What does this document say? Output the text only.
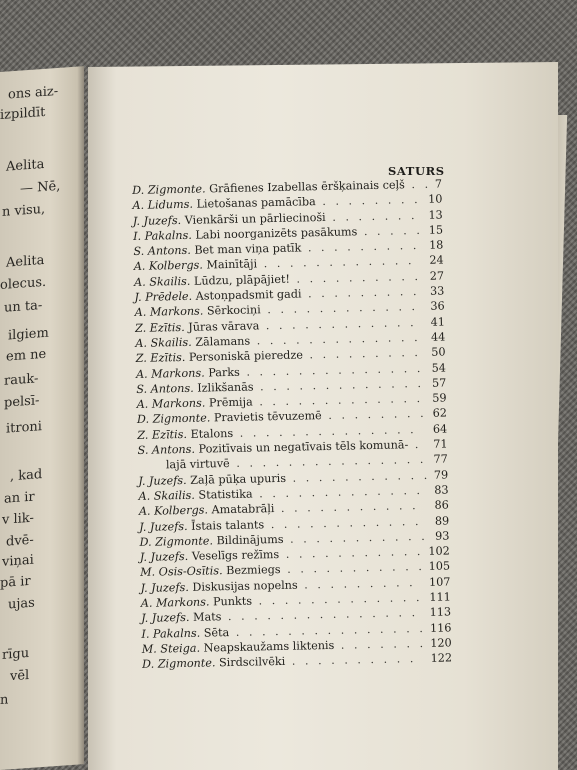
ons aiz-
izpildīt
Aelita
— Nē,
n visu,
Aelita
olecus.
un ta-
ilgiem
em ne
rauk-
pelsī-
itroni
, kad
an ir
v lik-
dvē-
viņai
pā ir
ujas
rīgu
vēl
n
SATURS
D. Zigmonte. Grāfienes Izabellas ēršķainais ceļš . . 7
A. Lidums. Lietošanas pamācība . . . . . . . . 10
J. Juzefs. Vienkārši un pārliecinoši . . . . . . . 13
I. Pakalns. Labi noorganizēts pasākums . . . . . 15
S. Antons. Bet man viņa patīk . . . . . . . . . 18
A. Kolbergs. Mainītāji . . . . . . . . . . . . 24
A. Skailis. Lūdzu, plāpājiet! . . . . . . . . . . 27
J. Prēdele. Astoņpadsmit gadi . . . . . . . . . 33
A. Markons. Sērkociņi . . . . . . . . . . . . 36
Z. Ezītis. Jūras vārava . . . . . . . . . . . . 41
A. Skailis. Zālamans . . . . . . . . . . . . . 44
Z. Ezītis. Personiskā pieredze . . . . . . . . . 50
A. Markons. Parks . . . . . . . . . . . . . . 54
S. Antons. Izlikšanās . . . . . . . . . . . . . 57
A. Markons. Prēmija . . . . . . . . . . . . . 59
D. Zigmonte. Pravietis tēvuzemē . . . . . . . . 62
Z. Ezītis. Etalons . . . . . . . . . . . . . . 64
S. Antons. Pozitīvais un negatīvais tēls komunā- . 71
lajā virtuvē . . . . . . . . . . . . . . . 77
J. Juzefs. Zaļā pūķa upuris . . . . . . . . . . . 79
A. Skailis. Statistika . . . . . . . . . . . . . 83
A. Kolbergs. Amatabrāļi . . . . . . . . . . . 86
J. Juzefs. Īstais talants . . . . . . . . . . . . 89
D. Zigmonte. Bildinājums . . . . . . . . . . . 93
J. Juzefs. Veselīgs režīms . . . . . . . . . . . 102
M. Osis-Osītis. Bezmiegs . . . . . . . . . . . 105
J. Juzefs. Diskusijas nopelns . . . . . . . . . 107
A. Markons. Punkts . . . . . . . . . . . . . 111
J. Juzefs. Mats . . . . . . . . . . . . . . . 113
I. Pakalns. Sēta . . . . . . . . . . . . . . . 116
M. Steiga. Neapskaužams liktenis . . . . . . . 120
D. Zigmonte. Sirdscilvēki . . . . . . . . . . 122
